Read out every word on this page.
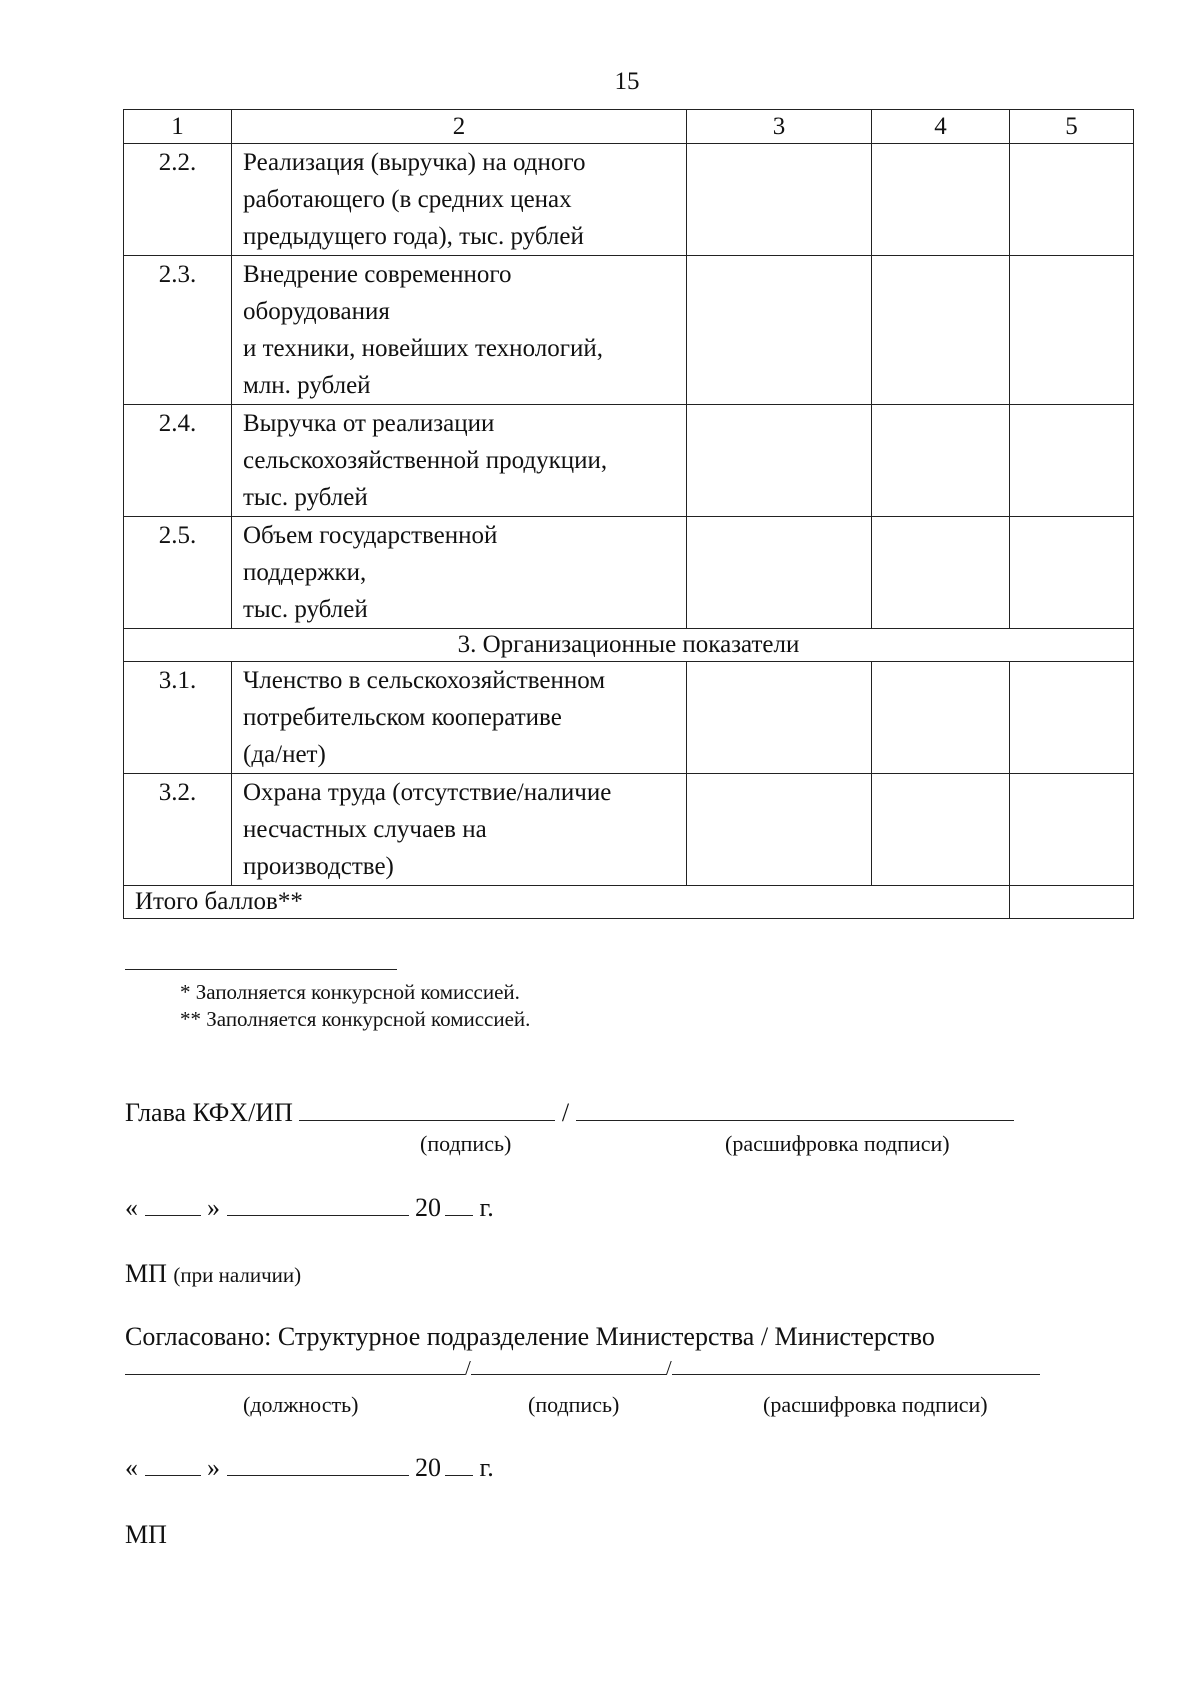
15
1	2	3	4	5
2.2.	Реализация (выручка) на одного
работающего (в средних ценах
предыдущего года), тыс. рублей			

2.3.	Внедрение современного
оборудования
и техники, новейших технологий,
млн. рублей			

2.4.	Выручка от реализации
сельскохозяйственной продукции,
тыс. рублей			

2.5.	Объем государственной
поддержки,
тыс. рублей			

3. Организационные показатели				
3.1.	Членство в сельскохозяйственном
потребительском кооперативе
(да/нет)			

3.2.	Охрана труда (отсутствие/наличие
несчастных случаев на
производстве)			

Итого баллов**				
* Заполняется конкурсной комиссией.
** Заполняется конкурсной комиссией.
Глава КФХ/ИП	/
(подпись)	(расшифровка подписи)
«	»	20 г.
МП (при наличии)
Согласовано: Структурное подразделение Министерства / Министерство
/	/
(должность)	(подпись)	(расшифровка подписи)
«	»	20 г.
МП
